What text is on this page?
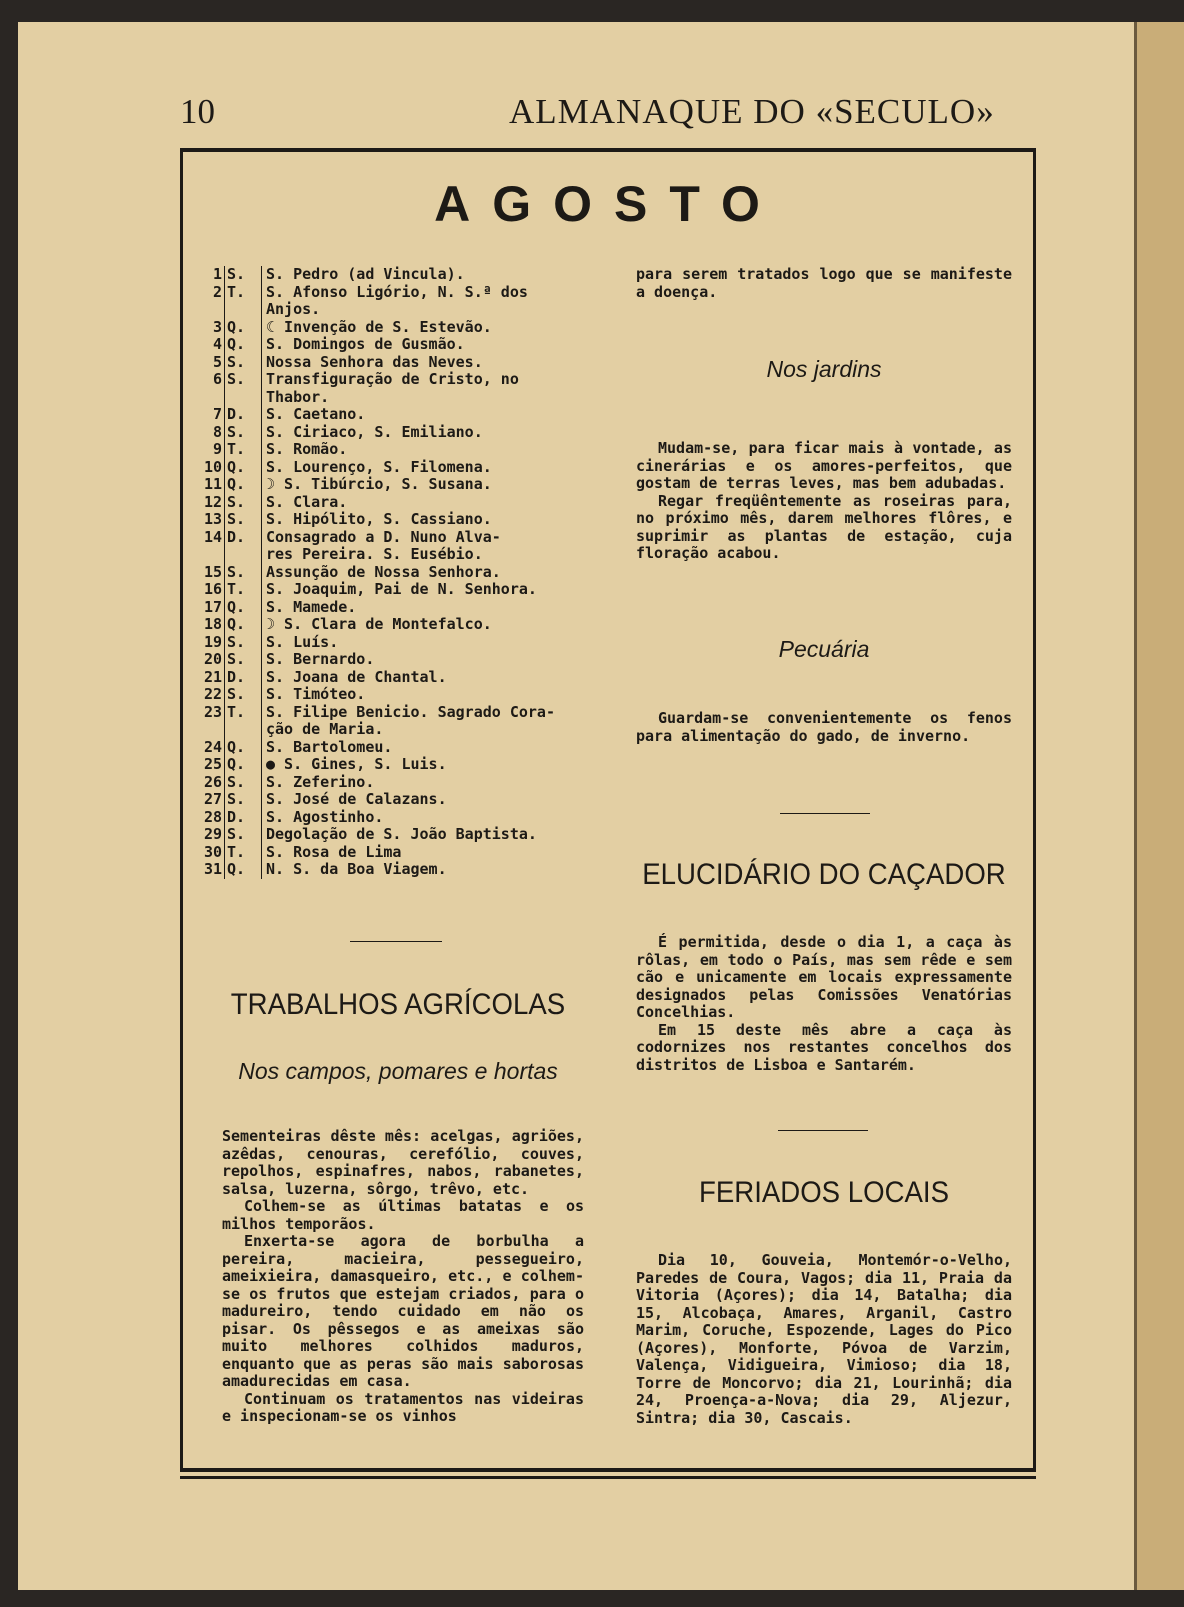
10	ALMANAQUE DO «SECULO»
AGOSTO
1 S.	S. Pedro (ad Vincula).
2 T.	S. Afonso Ligório, N. S.ª dos
Anjos.
3 Q.	☾ Invenção de S. Estevão.
4 Q.	S. Domingos de Gusmão.
5 S.	Nossa Senhora das Neves.
6 S.	Transfiguração de Cristo, no
Thabor.
7 D.	S. Caetano.
8 S.	S. Ciriaco, S. Emiliano.
9 T.	S. Romão.
10 Q.	S. Lourenço, S. Filomena.
11 Q.	☽ S. Tibúrcio, S. Susana.
12 S.	S. Clara.
13 S.	S. Hipólito, S. Cassiano.
14 D.	Consagrado a D. Nuno Alva-
res Pereira. S. Eusébio.
15 S.	Assunção de Nossa Senhora.
16 T.	S. Joaquim, Pai de N. Senhora.
17 Q.	S. Mamede.
18 Q.	☽ S. Clara de Montefalco.
19 S.	S. Luís.
20 S.	S. Bernardo.
21 D.	S. Joana de Chantal.
22 S.	S. Timóteo.
23 T.	S. Filipe Benicio. Sagrado Cora-
ção de Maria.
24 Q.	S. Bartolomeu.
25 Q.	● S. Gines, S. Luis.
26 S.	S. Zeferino.
27 S.	S. José de Calazans.
28 D.	S. Agostinho.
29 S.	Degolação de S. João Baptista.
30 T.	S. Rosa de Lima
31 Q.	N. S. da Boa Viagem.

para serem tratados logo que se manifeste a doença.

Nos jardins

Mudam-se, para ficar mais à vontade, as cinerárias e os amores-perfeitos, que gostam de terras leves, mas bem adubadas.

Regar freqüêntemente as roseiras para, no próximo mês, darem melhores flôres, e suprimir as plantas de estação, cuja floração acabou.

Pecuária

Guardam-se convenientemente os fenos para alimentação do gado, de inverno.

ELUCIDÁRIO DO CAÇADOR

É permitida, desde o dia 1, a caça às rôlas, em todo o País, mas sem rêde e sem cão e unicamente em locais expressamente designados pelas Comissões Venatórias Concelhias.

Em 15 deste mês abre a caça às codornizes nos restantes concelhos dos distritos de Lisboa e Santarém.

FERIADOS LOCAIS

Dia 10, Gouveia, Montemór-o-Velho, Paredes de Coura, Vagos; dia 11, Praia da Vitoria (Açores); dia 14, Batalha; dia 15, Alcobaça, Amares, Arganil, Castro Marim, Coruche, Espozende, Lages do Pico (Açores), Monforte, Póvoa de Varzim, Valença, Vidigueira, Vimioso; dia 18, Torre de Moncorvo; dia 21, Lourinhã; dia 24, Proença-a-Nova; dia 29, Aljezur, Sintra; dia 30, Cascais.

TRABALHOS AGRÍCOLAS
Nos campos, pomares e hortas

Sementeiras dêste mês: acelgas, agriões, azêdas, cenouras, cerefólio, couves, repolhos, espinafres, nabos, rabanetes, salsa, luzerna, sôrgo, trêvo, etc.

Colhem-se as últimas batatas e os milhos temporãos.

Enxerta-se agora de borbulha a pereira, macieira, pessegueiro, ameixieira, damasqueiro, etc., e colhem-se os frutos que estejam criados, para o madureiro, tendo cuidado em não os pisar. Os pêssegos e as ameixas são muito melhores colhidos maduros, enquanto que as peras são mais saborosas amadurecidas em casa.

Continuam os tratamentos nas videiras e inspecionam-se os vinhos
